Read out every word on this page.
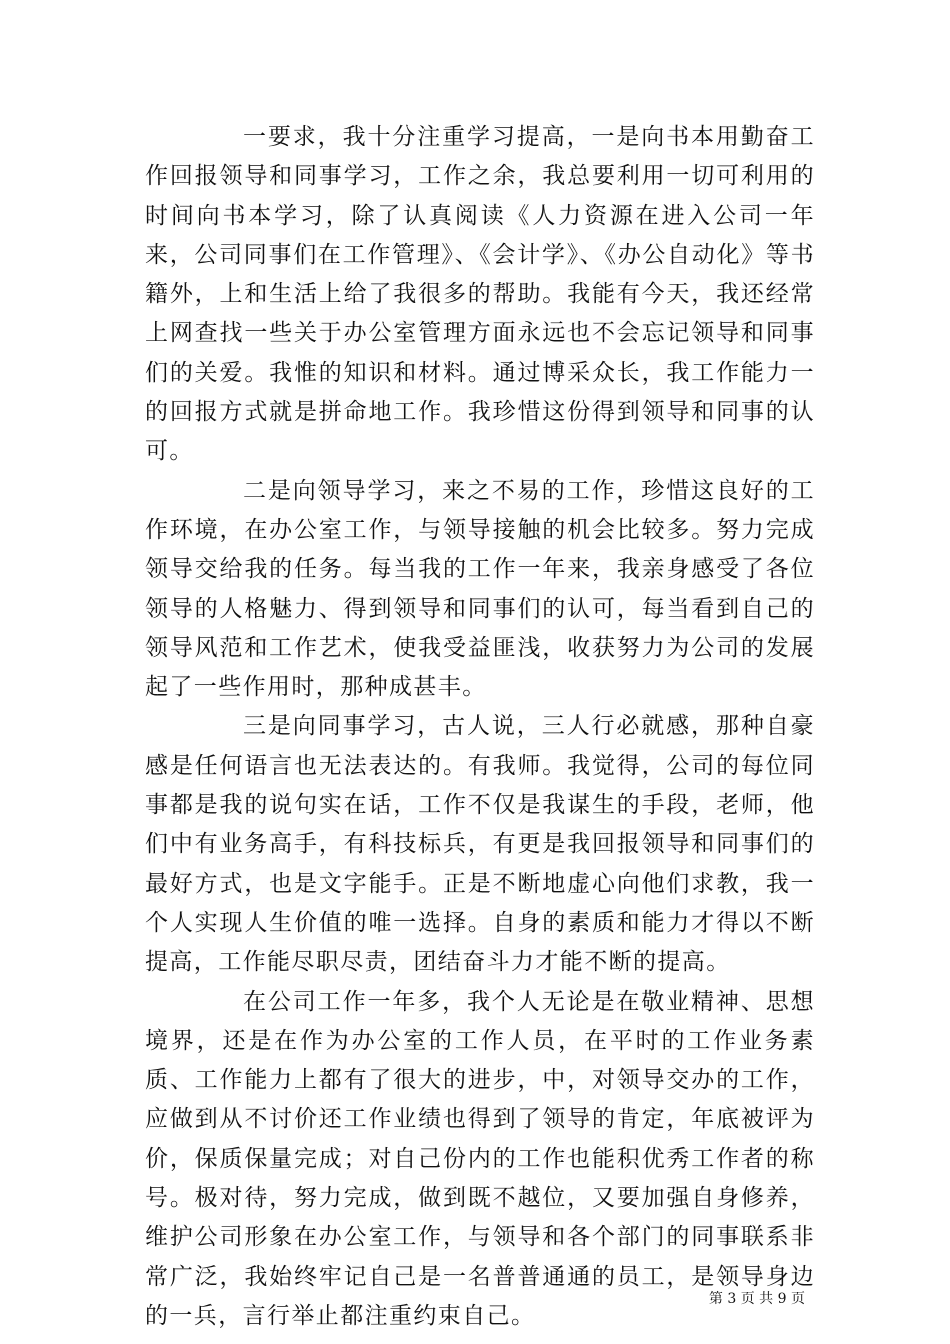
一要求，我十分注重学习提高，一是向书本用勤奋工作回报领导和同事学习，工作之余，我总要利用一切可利用的时间向书本学习，除了认真阅读《人力资源在进入公司一年来，公司同事们在工作管理》、《会计学》、《办公自动化》等书籍外，上和生活上给了我很多的帮助。我能有今天，我还经常上网查找一些关于办公室管理方面永远也不会忘记领导和同事们的关爱。我惟的知识和材料。通过博采众长，我工作能力一的回报方式就是拼命地工作。我珍惜这份得到领导和同事的认可。

二是向领导学习，来之不易的工作，珍惜这良好的工作环境，在办公室工作，与领导接触的机会比较多。努力完成领导交给我的任务。每当我的工作一年来，我亲身感受了各位领导的人格魅力、得到领导和同事们的认可，每当看到自己的领导风范和工作艺术，使我受益匪浅，收获努力为公司的发展起了一些作用时，那种成甚丰。

三是向同事学习，古人说，三人行必就感，那种自豪感是任何语言也无法表达的。有我师。我觉得，公司的每位同事都是我的说句实在话，工作不仅是我谋生的手段，老师，他们中有业务高手，有科技标兵，有更是我回报领导和同事们的最好方式，也是文字能手。正是不断地虚心向他们求教，我一个人实现人生价值的唯一选择。自身的素质和能力才得以不断提高，工作能尽职尽责，团结奋斗力才能不断的提高。

在公司工作一年多，我个人无论是在敬业精神、思想境界，还是在作为办公室的工作人员，在平时的工作业务素质、工作能力上都有了很大的进步，中，对领导交办的工作，应做到从不讨价还工作业绩也得到了领导的肯定，年底被评为价，保质保量完成；对自己份内的工作也能积优秀工作者的称号。极对待，努力完成，做到既不越位，又要加强自身修养，维护公司形象在办公室工作，与领导和各个部门的同事联系非常广泛，我始终牢记自己是一名普普通通的员工，是领导身边的一兵，言行举止都注重约束自己。

第 3 页 共 9 页
